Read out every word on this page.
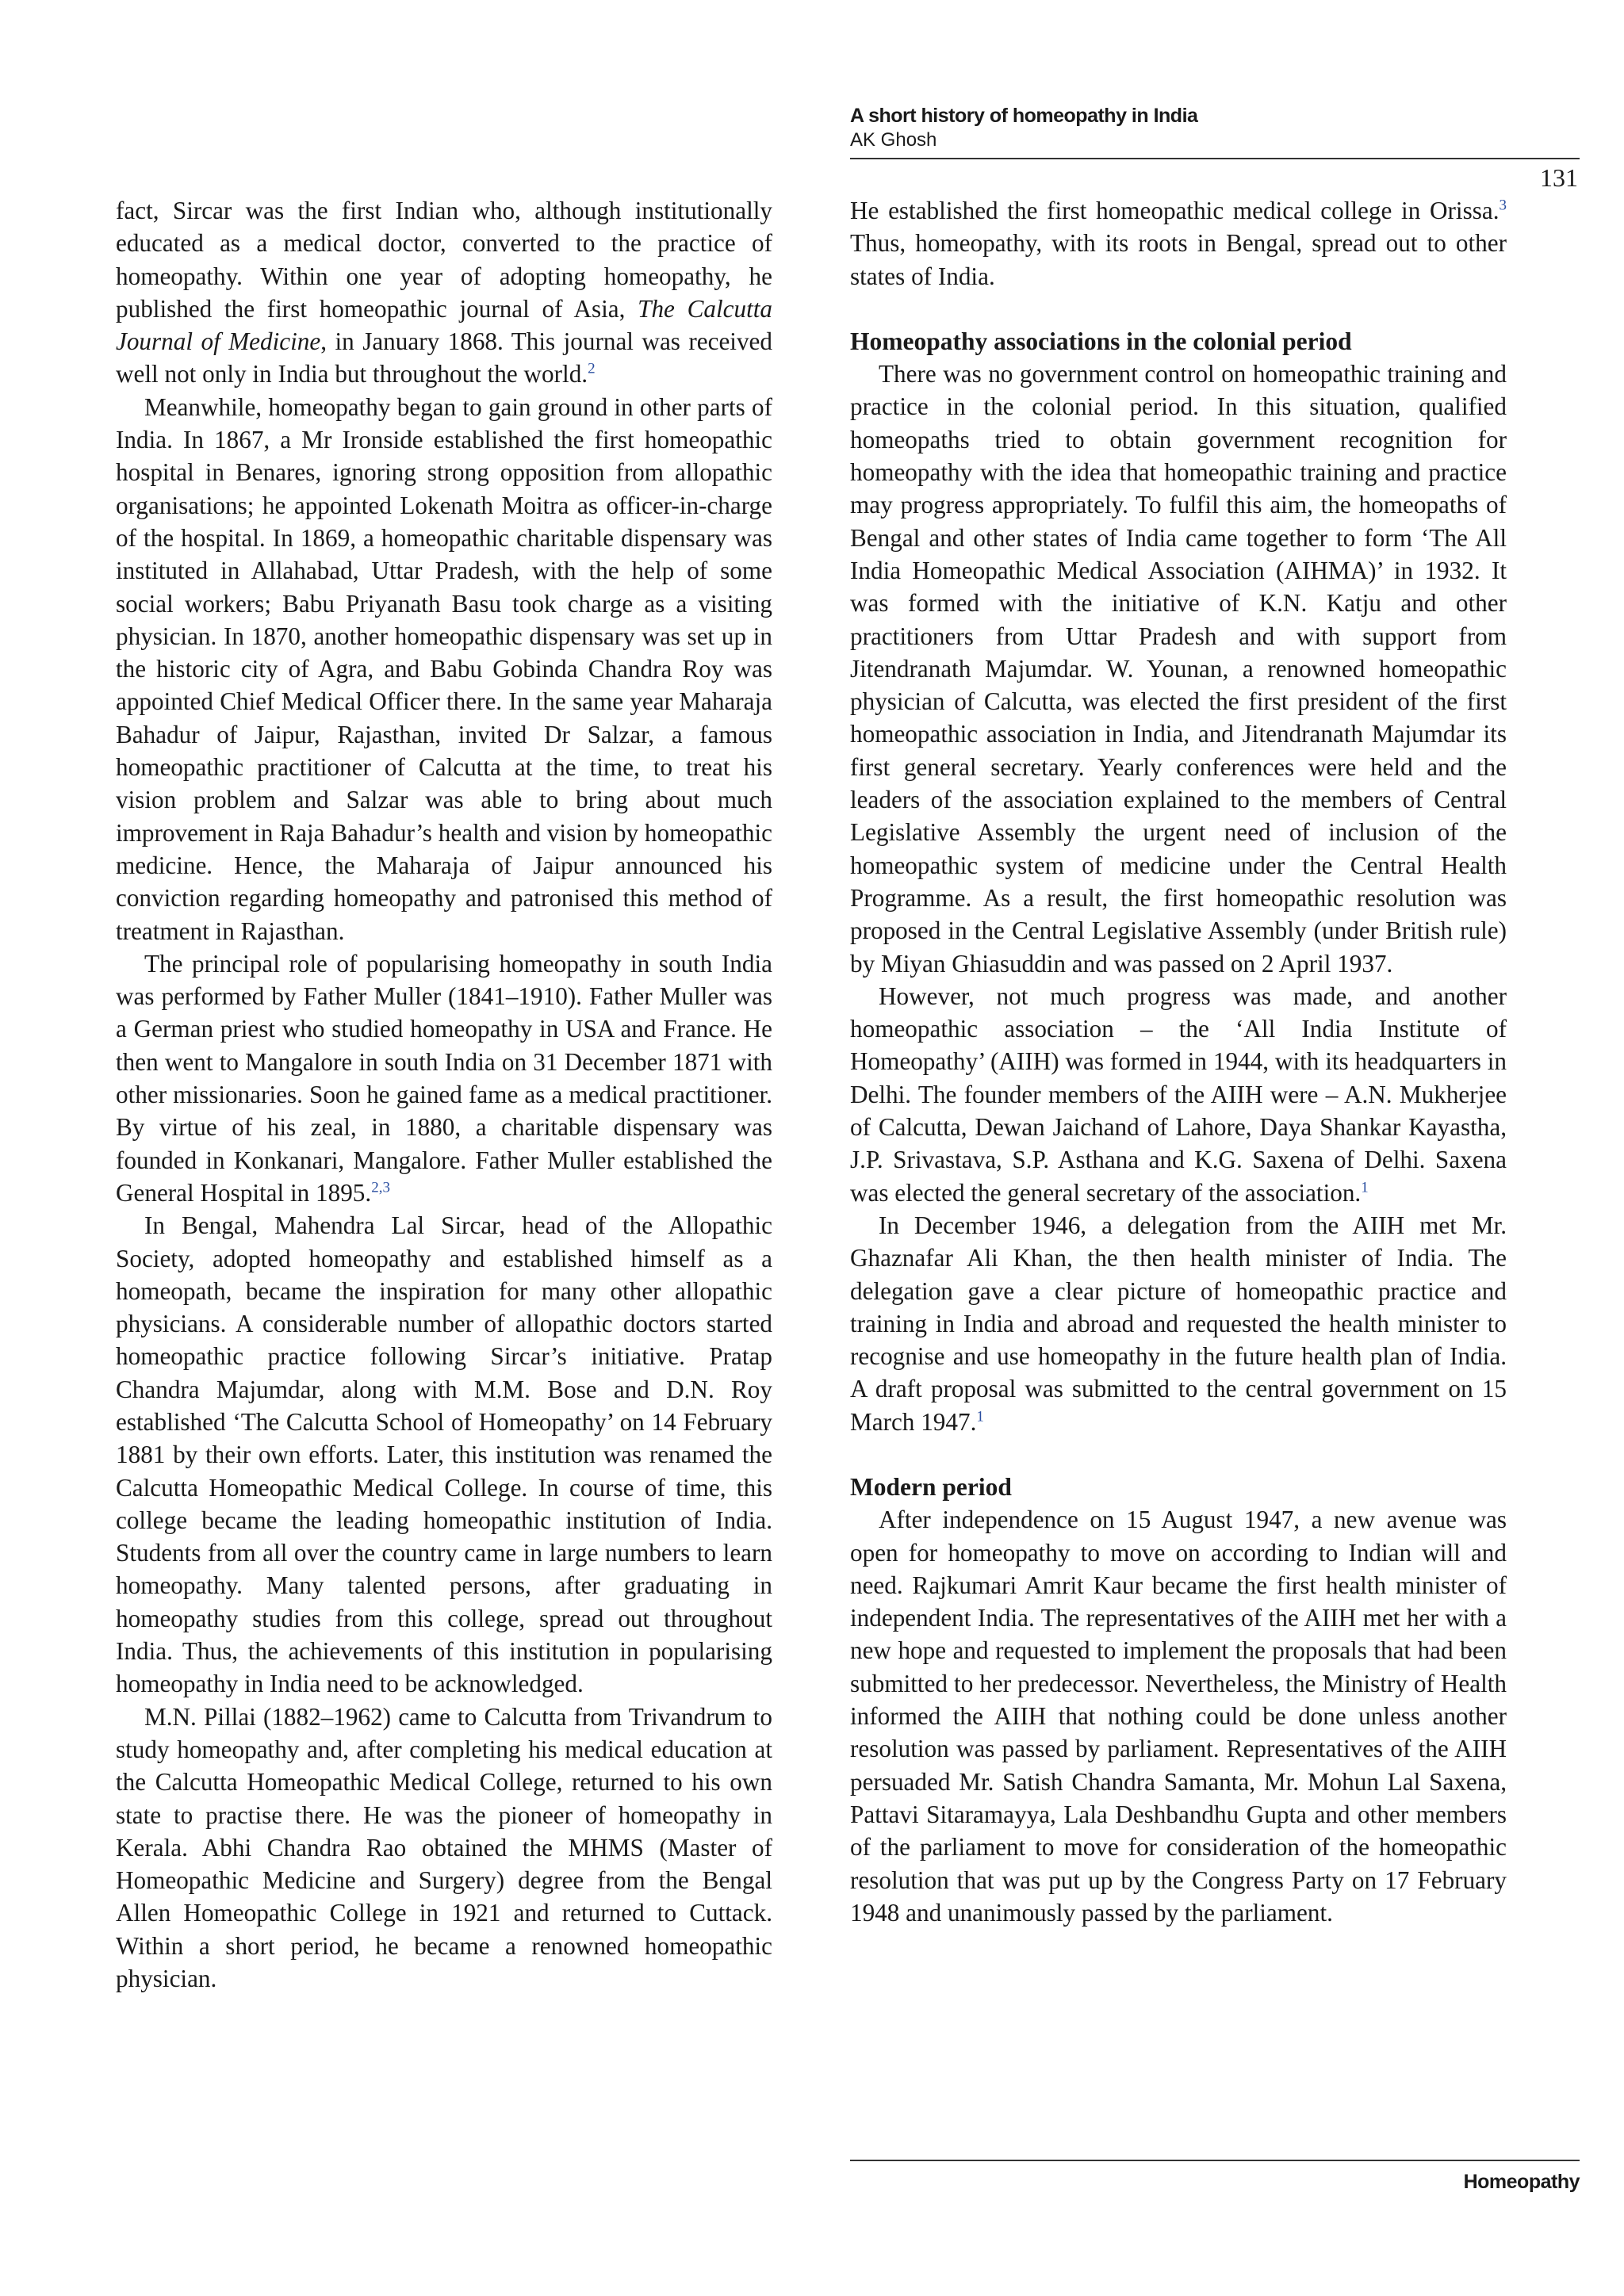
A short history of homeopathy in India
AK Ghosh
131

fact, Sircar was the first Indian who, although institutionally educated as a medical doctor, converted to the practice of homeopathy. Within one year of adopting homeopathy, he published the first homeopathic journal of Asia, The Calcutta Journal of Medicine, in January 1868. This journal was received well not only in India but throughout the world.$^2$

Meanwhile, homeopathy began to gain ground in other parts of India. In 1867, a Mr Ironside established the first homeopathic hospital in Benares, ignoring strong opposition from allopathic organisations; he appointed Lokenath Moitra as officer-in-charge of the hospital. In 1869, a homeopathic charitable dispensary was instituted in Allahabad, Uttar Pradesh, with the help of some social workers; Babu Priyanath Basu took charge as a visiting physician. In 1870, another homeopathic dispensary was set up in the historic city of Agra, and Babu Gobinda Chandra Roy was appointed Chief Medical Officer there. In the same year Maharaja Bahadur of Jaipur, Rajasthan, invited Dr Salzar, a famous homeopathic practitioner of Calcutta at the time, to treat his vision problem and Salzar was able to bring about much improvement in Raja Bahadur’s health and vision by homeopathic medicine. Hence, the Maharaja of Jaipur announced his conviction regarding homeopathy and patronised this method of treatment in Rajasthan.

The principal role of popularising homeopathy in south India was performed by Father Muller (1841–1910). Father Muller was a German priest who studied homeopathy in USA and France. He then went to Mangalore in south India on 31 December 1871 with other missionaries. Soon he gained fame as a medical practitioner. By virtue of his zeal, in 1880, a charitable dispensary was founded in Konkanari, Mangalore. Father Muller established the General Hospital in 1895.$^{2,3}$

In Bengal, Mahendra Lal Sircar, head of the Allopathic Society, adopted homeopathy and established himself as a homeopath, became the inspiration for many other allopathic physicians. A considerable number of allopathic doctors started homeopathic practice following Sircar’s initiative. Pratap Chandra Majumdar, along with M.M. Bose and D.N. Roy established ‘The Calcutta School of Homeopathy’ on 14 February 1881 by their own efforts. Later, this institution was renamed the Calcutta Homeopathic Medical College. In course of time, this college became the leading homeopathic institution of India. Students from all over the country came in large numbers to learn homeopathy. Many talented persons, after graduating in homeopathy studies from this college, spread out throughout India. Thus, the achievements of this institution in popularising homeopathy in India need to be acknowledged.

M.N. Pillai (1882–1962) came to Calcutta from Trivandrum to study homeopathy and, after completing his medical education at the Calcutta Homeopathic Medical College, returned to his own state to practise there. He was the pioneer of homeopathy in Kerala. Abhi Chandra Rao obtained the MHMS (Master of Homeopathic Medicine and Surgery) degree from the Bengal Allen Homeopathic College in 1921 and returned to Cuttack. Within a short period, he became a renowned homeopathic physician.

He established the first homeopathic medical college in Orissa.$^3$ Thus, homeopathy, with its roots in Bengal, spread out to other states of India.

Homeopathy associations in the colonial period

There was no government control on homeopathic training and practice in the colonial period. In this situation, qualified homeopaths tried to obtain government recognition for homeopathy with the idea that homeopathic training and practice may progress appropriately. To fulfil this aim, the homeopaths of Bengal and other states of India came together to form ‘The All India Homeopathic Medical Association (AIHMA)’ in 1932. It was formed with the initiative of K.N. Katju and other practitioners from Uttar Pradesh and with support from Jitendranath Majumdar. W. Younan, a renowned homeopathic physician of Calcutta, was elected the first president of the first homeopathic association in India, and Jitendranath Majumdar its first general secretary. Yearly conferences were held and the leaders of the association explained to the members of Central Legislative Assembly the urgent need of inclusion of the homeopathic system of medicine under the Central Health Programme. As a result, the first homeopathic resolution was proposed in the Central Legislative Assembly (under British rule) by Miyan Ghiasuddin and was passed on 2 April 1937.

However, not much progress was made, and another homeopathic association – the ‘All India Institute of Homeopathy’ (AIIH) was formed in 1944, with its headquarters in Delhi. The founder members of the AIIH were – A.N. Mukherjee of Calcutta, Dewan Jaichand of Lahore, Daya Shankar Kayastha, J.P. Srivastava, S.P. Asthana and K.G. Saxena of Delhi. Saxena was elected the general secretary of the association.$^1$

In December 1946, a delegation from the AIIH met Mr. Ghaznafar Ali Khan, the then health minister of India. The delegation gave a clear picture of homeopathic practice and training in India and abroad and requested the health minister to recognise and use homeopathy in the future health plan of India. A draft proposal was submitted to the central government on 15 March 1947.$^1$

Modern period

After independence on 15 August 1947, a new avenue was open for homeopathy to move on according to Indian will and need. Rajkumari Amrit Kaur became the first health minister of independent India. The representatives of the AIIH met her with a new hope and requested to implement the proposals that had been submitted to her predecessor. Nevertheless, the Ministry of Health informed the AIIH that nothing could be done unless another resolution was passed by parliament. Representatives of the AIIH persuaded Mr. Satish Chandra Samanta, Mr. Mohun Lal Saxena, Pattavi Sitaramayya, Lala Deshbandhu Gupta and other members of the parliament to move for consideration of the homeopathic resolution that was put up by the Congress Party on 17 February 1948 and unanimously passed by the parliament.

Homeopathy
